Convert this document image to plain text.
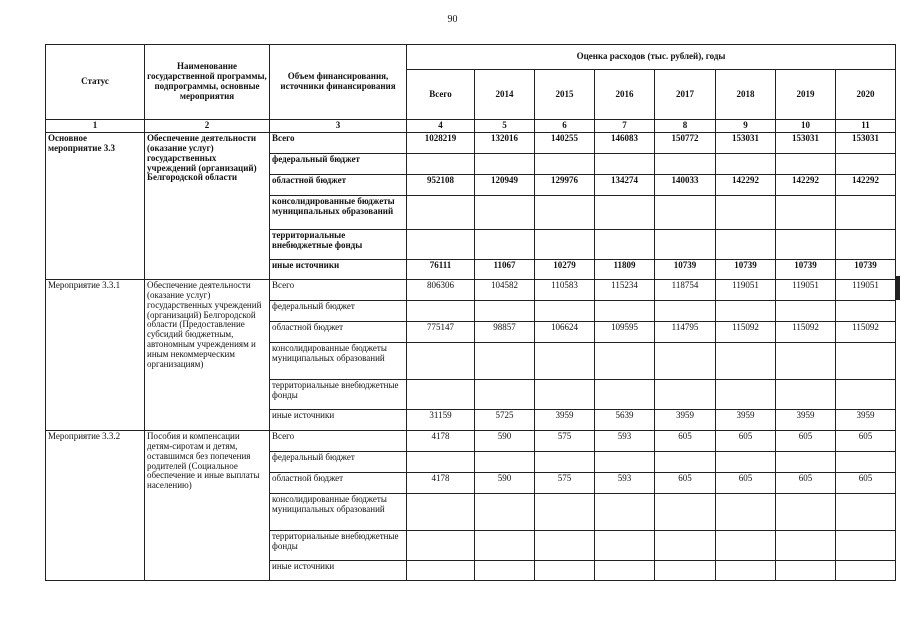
90
Статус	Наименование государственной программы, подпрограммы, основные мероприятия	Объем финансирования, источники финансирования	Оценка расходов (тыс. рублей), годы							
			Всего	2014	2015	2016	2017	2018	2019	2020
1	2	3	4	5	6	7	8	9	10	11
Основное мероприятие 3.3	Обеспечение деятельности (оказание услуг) государственных учреждений (организаций) Белгородской области	Всего	1028219	132016	140255	146083	150772	153031	153031	153031
		федеральный бюджет								
		областной бюджет	952108	120949	129976	134274	140033	142292	142292	142292
		консолидированные бюджеты муниципальных образований								
		территориальные внебюджетные фонды								
		иные источники	76111	11067	10279	11809	10739	10739	10739	10739
Мероприятие 3.3.1	Обеспечение деятельности (оказание услуг) государственных учреждений (организаций) Белгородской области (Предоставление субсидий бюджетным, автономным учреждениям и иным некоммерческим организациям)	Всего	806306	104582	110583	115234	118754	119051	119051	119051
		федеральный бюджет								
		областной бюджет	775147	98857	106624	109595	114795	115092	115092	115092
		консолидированные бюджеты муниципальных образований								
		территориальные внебюджетные фонды								
		иные источники	31159	5725	3959	5639	3959	3959	3959	3959
Мероприятие 3.3.2	Пособия и компенсации детям-сиротам и детям, оставшимся без попечения родителей (Социальное обеспечение и иные выплаты населению)	Всего	4178	590	575	593	605	605	605	605
		федеральный бюджет								
		областной бюджет	4178	590	575	593	605	605	605	605
		консолидированные бюджеты муниципальных образований								
		территориальные внебюджетные фонды								
		иные источники								
